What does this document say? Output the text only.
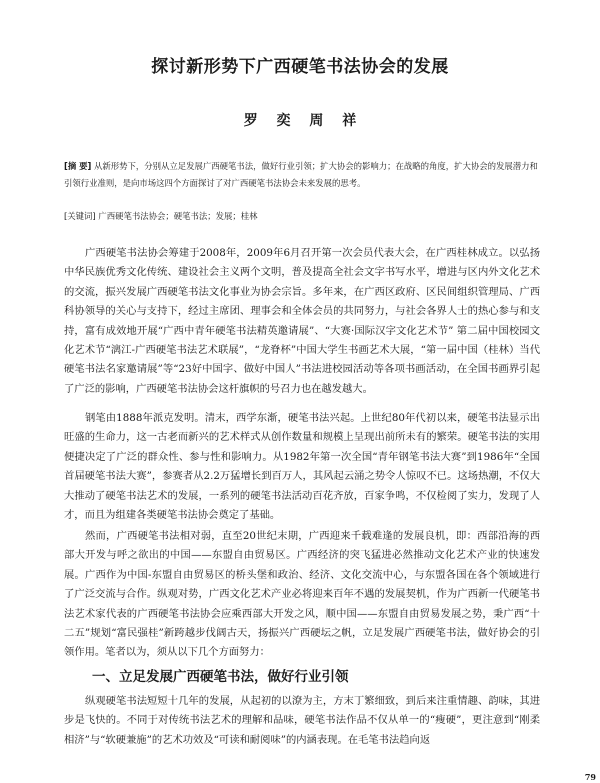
探讨新形势下广西硬笔书法协会的发展
罗 奕 周 祥
[摘 要] 从新形势下，分别从立足发展广西硬笔书法，做好行业引领；扩大协会的影响力；在战略的角度，扩大协会的发展潜力和引领行业准则，是向市场这四个方面探讨了对广西硬笔书法协会未来发展的思考。
[关键词] 广西硬笔书法协会；硬笔书法；发展；桂林

广西硬笔书法协会筹建于2008年，2009年6月召开第一次会员代表大会，在广西桂林成立。以弘扬中华民族优秀文化传统、建设社会主义两个文明，普及提高全社会文字书写水平，增进与区内外文化艺术的交流，振兴发展广西硬笔书法文化事业为协会宗旨。多年来，在广西区政府、区民间组织管理局、广西科协领导的关心与支持下，经过主席团、理事会和全体会员的共同努力，与社会各界人士的热心参与和支持，富有成效地开展“广西中青年硬笔书法精英邀请展”、“大赛·国际汉字文化艺术节” 第二届中国校园文化艺术节“漓江-广西硬笔书法艺术联展”，“龙脊杯”中国大学生书画艺术大展，“第一届中国（桂林）当代硬笔书法名家邀请展”等“23好中国字、做好中国人”书法进校园活动等各项书画活动，在全国书画界引起了广泛的影响，广西硬笔书法协会这杆旗帜的号召力也在越发越大。

钢笔由1888年派克发明。清末，西学东渐，硬笔书法兴起。上世纪80年代初以来，硬笔书法显示出旺盛的生命力，这一古老而新兴的艺术样式从创作数量和规模上呈现出前所未有的繁荣。硬笔书法的实用便捷决定了广泛的群众性、参与性和影响力。从1982年第一次全国“青年钢笔书法大赛”到1986年“全国首届硬笔书法大赛”，参赛者从2.2万猛增长到百万人，其风起云涌之势令人惊叹不已。这场热潮，不仅大大推动了硬笔书法艺术的发展，一系列的硬笔书法活动百花齐放，百家争鸣，不仅检阅了实力，发现了人才，而且为组建各类硬笔书法协会奠定了基础。

然而，广西硬笔书法相对弱，直至20世纪末期，广西迎来千载难逢的发展良机，即：西部沿海的西部大开发与呼之欲出的中国——东盟自由贸易区。广西经济的突飞猛进必然推动文化艺术产业的快速发展。广西作为中国-东盟自由贸易区的桥头堡和政治、经济、文化交流中心，与东盟各国在各个领域进行了广泛交流与合作。纵观对势，广西文化艺术产业必将迎来百年不遇的发展契机，作为广西新一代硬笔书法艺术家代表的广西硬笔书法协会应乘西部大开发之风，顺中国——东盟自由贸易发展之势，秉广西“十二五”规划“富民强桂”新跨越步伐阔古天，扬振兴广西硬坛之帆，立足发展广西硬笔书法，做好协会的引领作用。笔者以为，须从以下几个方面努力：

一、立足发展广西硬笔书法，做好行业引领

纵观硬笔书法短短十几年的发展，从起初的以潦为主，方末丁繁细致，到后来注重情趣、韵味，其进步是飞快的。不同于对传统书法艺术的理解和品味，硬笔书法作品不仅从单一的“瘦硬”，更注意到“刚柔相济”与“软硬兼施”的艺术功效及“可读和耐阅味”的内涵表现。在毛笔书法趋向返

79
